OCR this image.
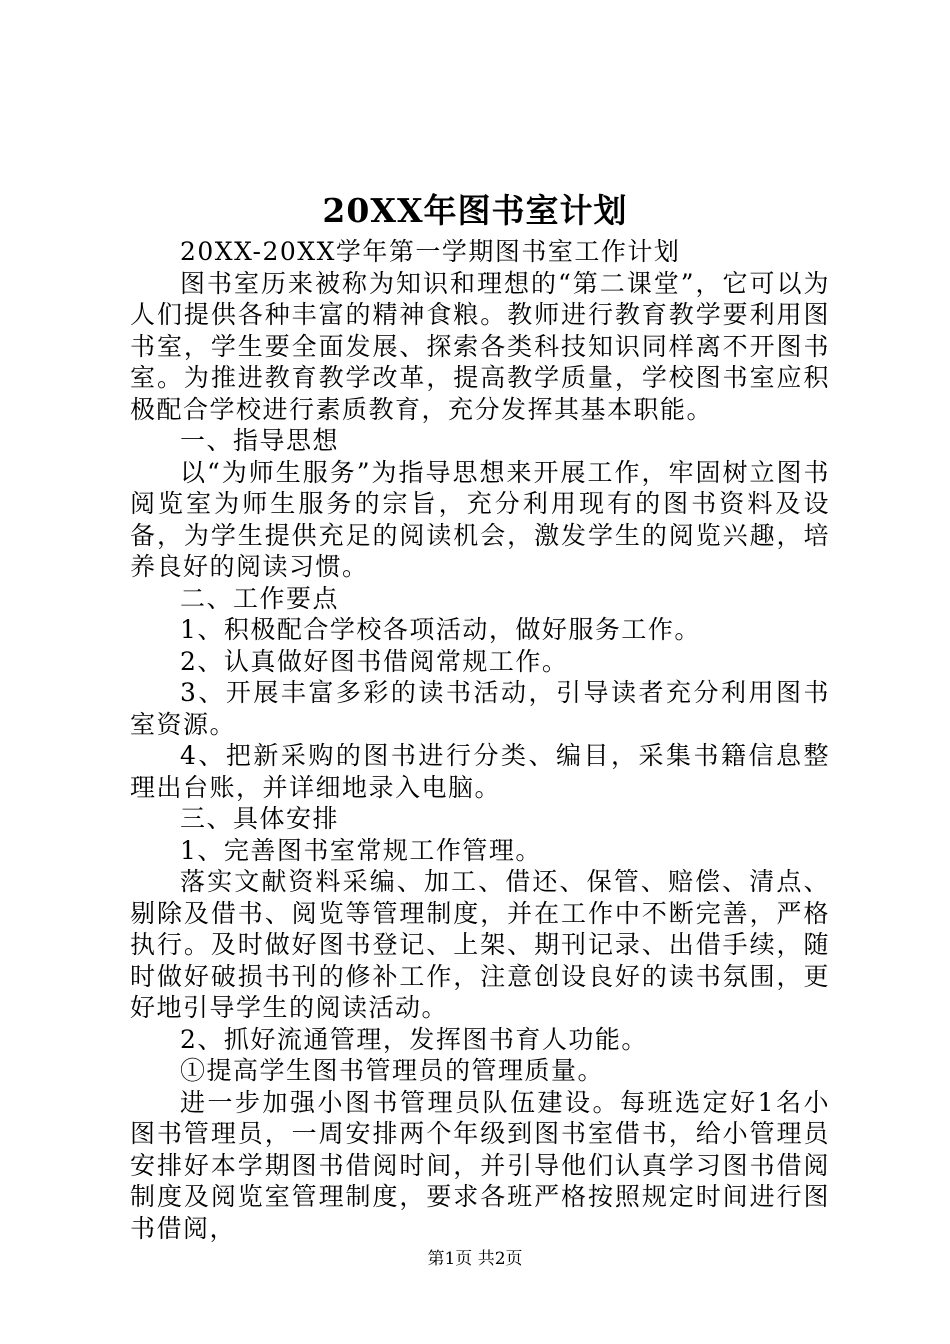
20XX年图书室计划

20XX-20XX学年第一学期图书室工作计划

图书室历来被称为知识和理想的“第二课堂”，它可以为人们提供各种丰富的精神食粮。教师进行教育教学要利用图书室，学生要全面发展、探索各类科技知识同样离不开图书室。为推进教育教学改革，提高教学质量，学校图书室应积极配合学校进行素质教育，充分发挥其基本职能。

一、指导思想

以“为师生服务”为指导思想来开展工作，牢固树立图书阅览室为师生服务的宗旨，充分利用现有的图书资料及设备，为学生提供充足的阅读机会，激发学生的阅览兴趣，培养良好的阅读习惯。

二、工作要点

1、积极配合学校各项活动，做好服务工作。

2、认真做好图书借阅常规工作。

3、开展丰富多彩的读书活动，引导读者充分利用图书室资源。

4、把新采购的图书进行分类、编目，采集书籍信息整理出台账，并详细地录入电脑。

三、具体安排

1、完善图书室常规工作管理。

落实文献资料采编、加工、借还、保管、赔偿、清点、剔除及借书、阅览等管理制度，并在工作中不断完善，严格执行。及时做好图书登记、上架、期刊记录、出借手续，随时做好破损书刊的修补工作，注意创设良好的读书氛围，更好地引导学生的阅读活动。

2、抓好流通管理，发挥图书育人功能。

①提高学生图书管理员的管理质量。

进一步加强小图书管理员队伍建设。每班选定好1名小图书管理员，一周安排两个年级到图书室借书，给小管理员安排好本学期图书借阅时间，并引导他们认真学习图书借阅制度及阅览室管理制度，要求各班严格按照规定时间进行图书借阅，

第1页 共2页
